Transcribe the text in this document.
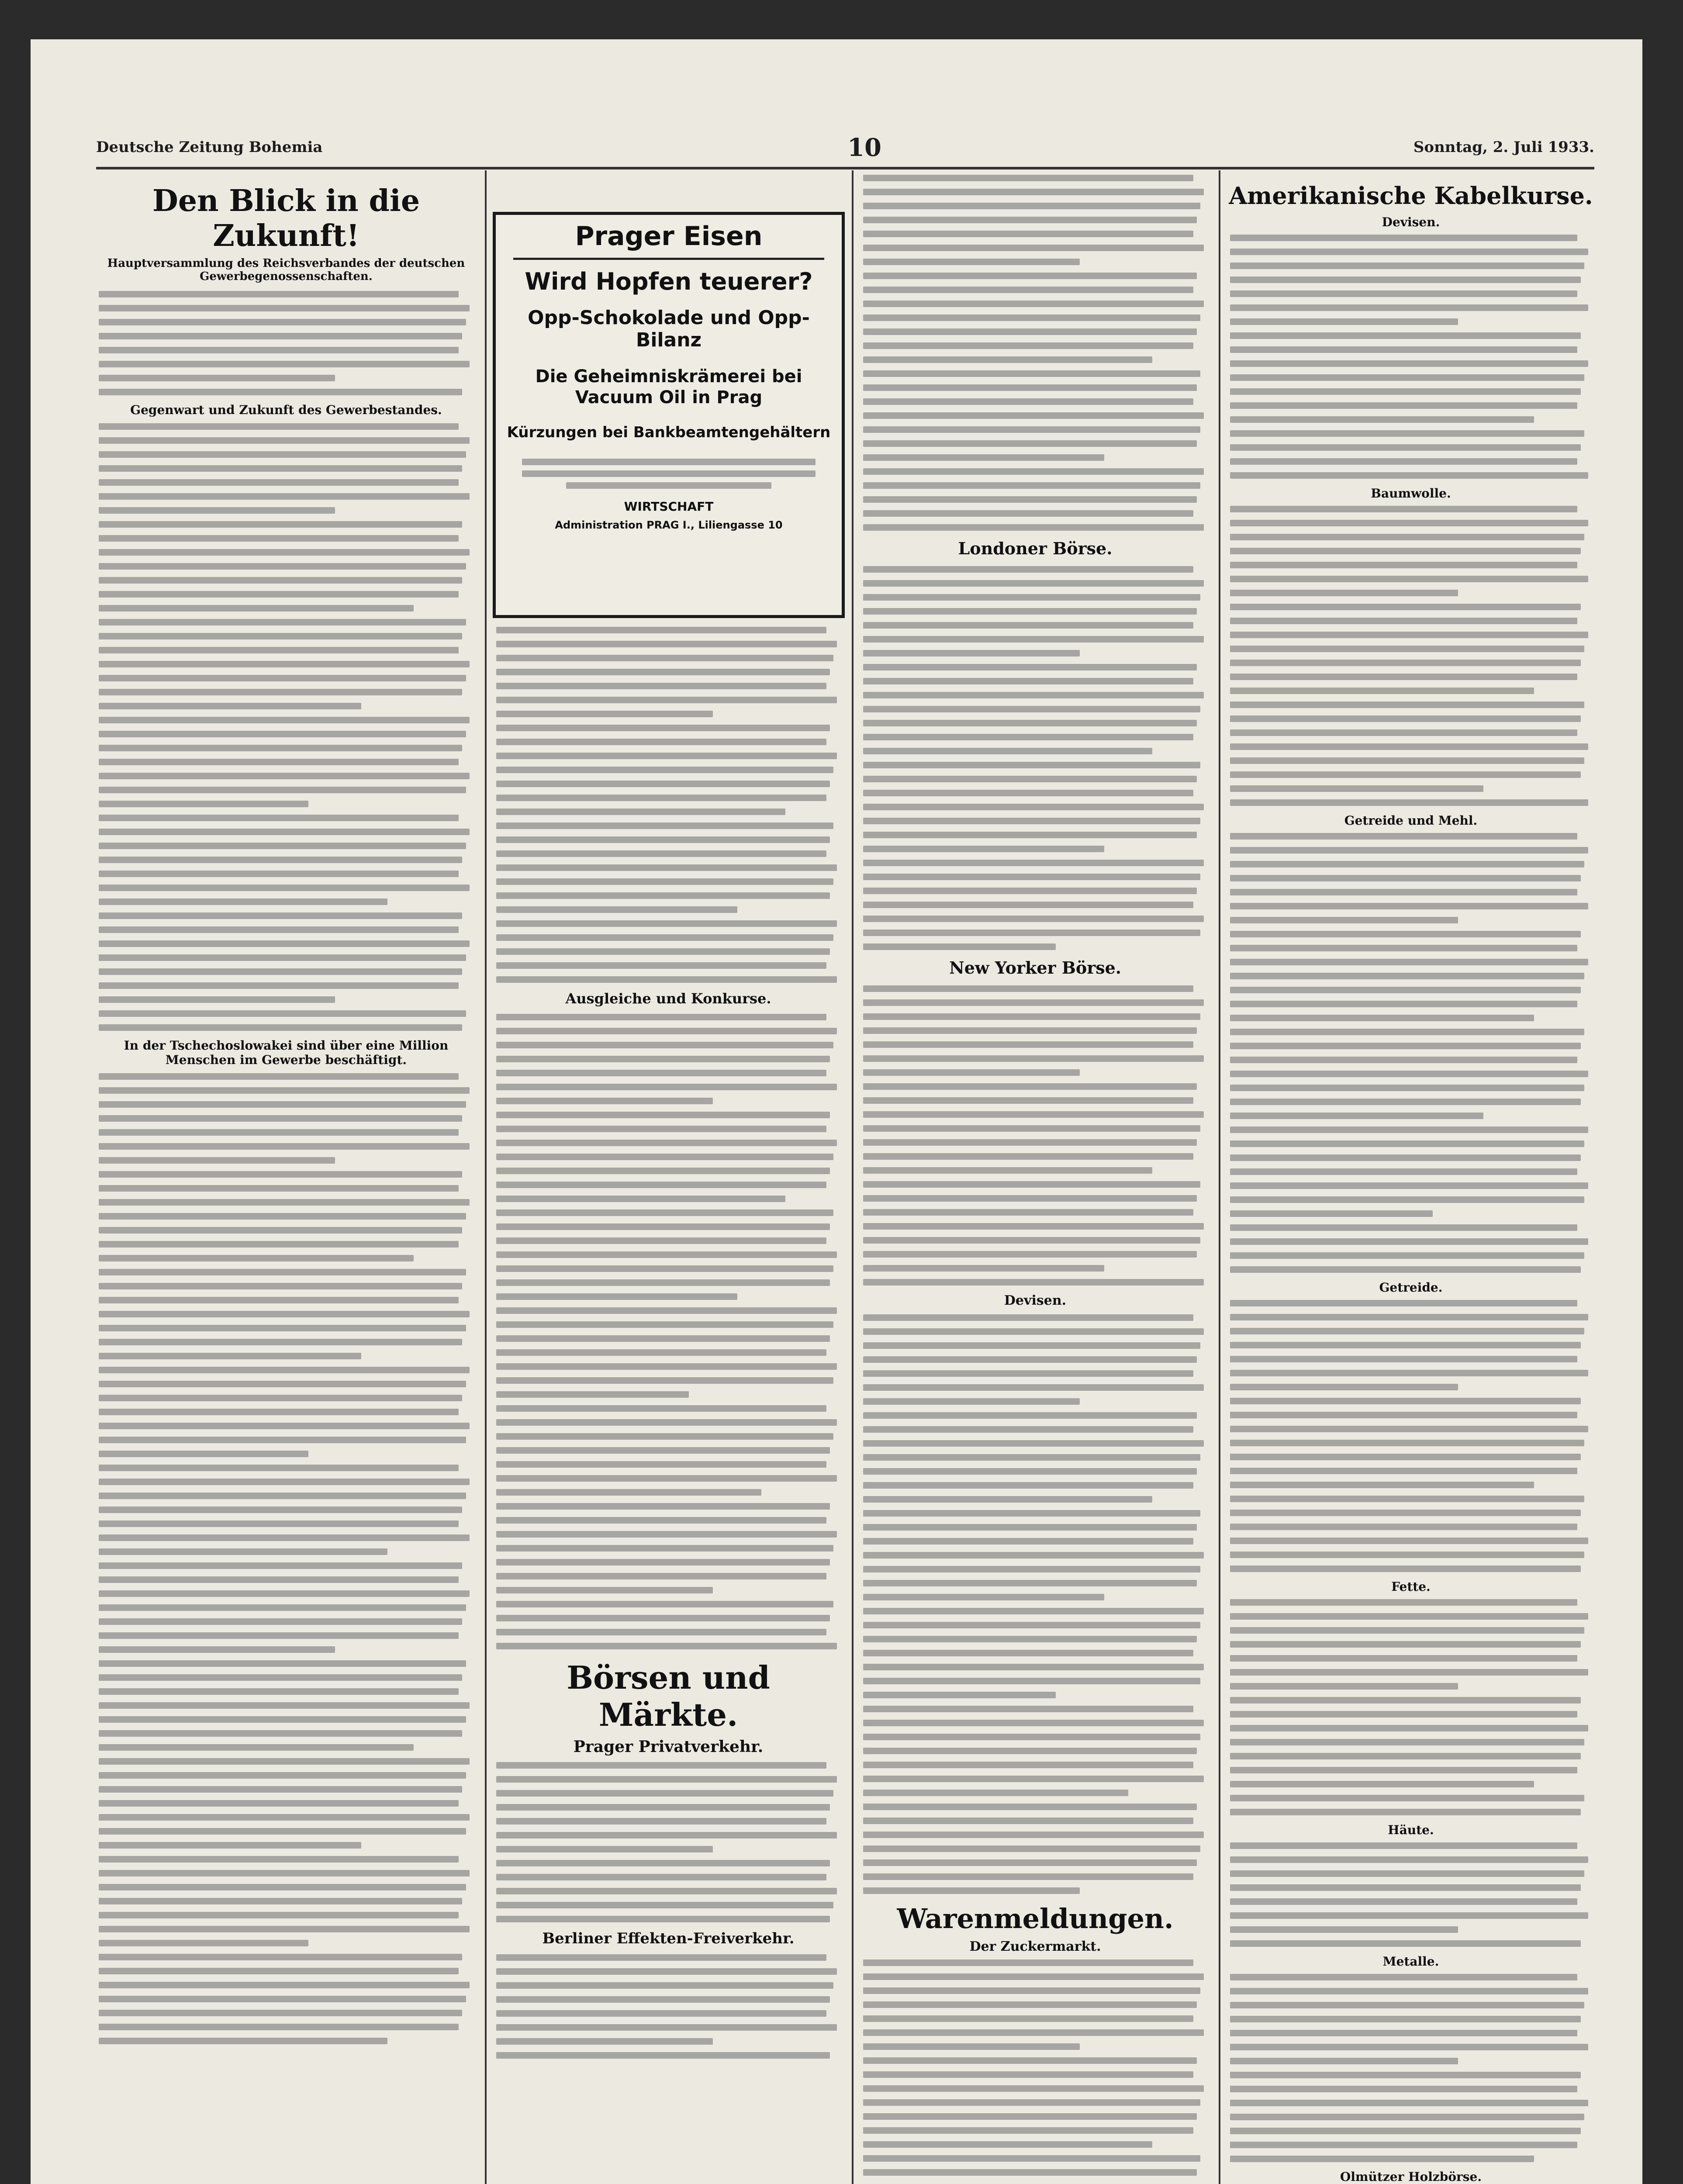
Deutsche Zeitung Bohemia	10	Sonntag, 2. Juli 1933.
Den Blick in die Zukunft!
Hauptversammlung des Reichsverbandes der deutschen Gewerbegenossenschaften.
Gegenwart und Zukunft des Gewerbestandes.
In der Tschechoslowakei sind über eine Million Menschen im Gewerbe beschäftigt.
Prager Eisen
Wird Hopfen teuerer?
Opp-Schokolade und Opp-Bilanz
Die Geheimniskrämerei bei Vacuum Oil in Prag
Kürzungen bei Bankbeamtengehältern
WIRTSCHAFT
Administration PRAG I., Liliengasse 10
Ausgleiche und Konkurse.
Börsen und Märkte.
Prager Privatverkehr.
Berliner Effekten-Freiverkehr.
Londoner Börse.
New Yorker Börse.
Devisen.
Warenmeldungen.
Der Zuckermarkt.
Amerikanische Kabelkurse.
Devisen.
Baumwolle.
Getreide und Mehl.
Getreide.
Fette.
Häute.
Metalle.
Olmützer Holzbörse.
